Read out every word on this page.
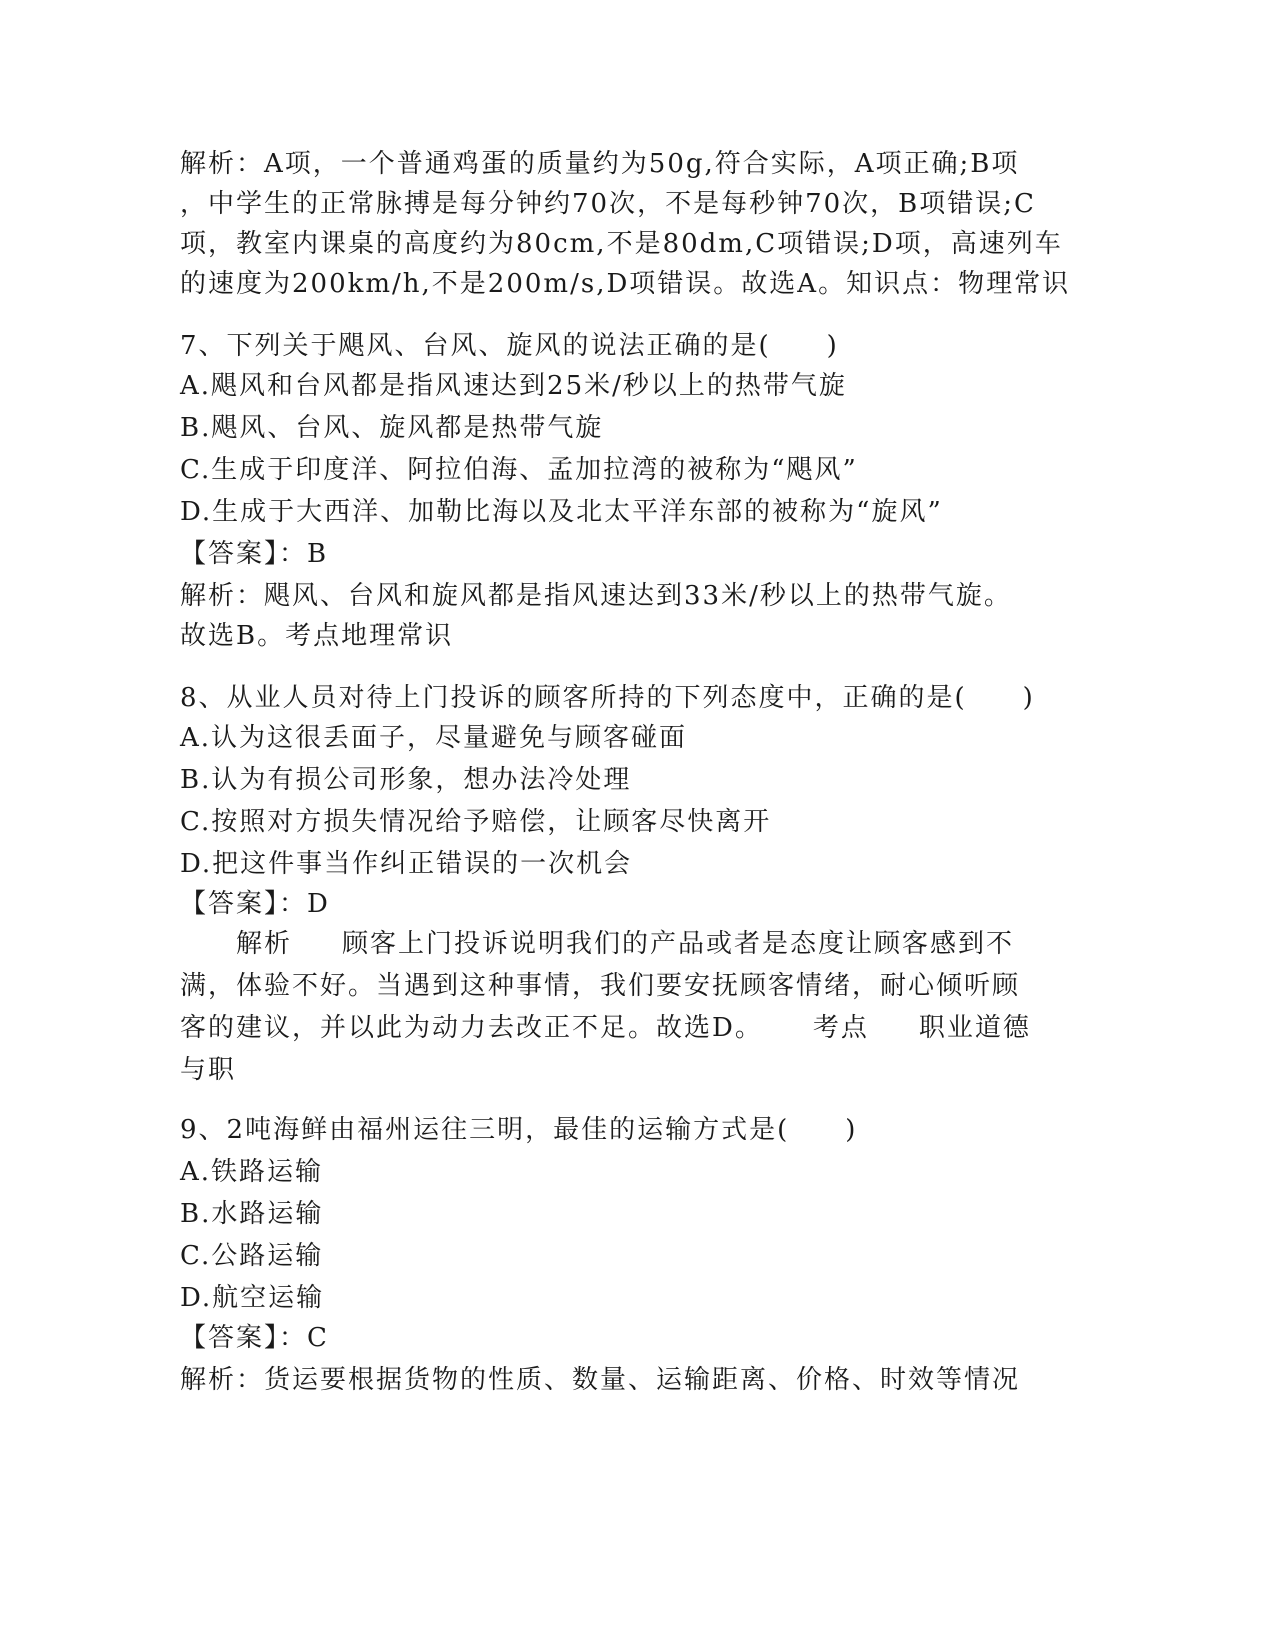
解析：A项，一个普通鸡蛋的质量约为50g,符合实际，A项正确;B项
，中学生的正常脉搏是每分钟约70次，不是每秒钟70次，B项错误;C
项，教室内课桌的高度约为80cm,不是80dm,C项错误;D项，高速列车
的速度为200km/h,不是200m/s,D项错误。故选A。知识点：物理常识
7、下列关于飓风、台风、旋风的说法正确的是(　　)
A.飓风和台风都是指风速达到25米/秒以上的热带气旋
B.飓风、台风、旋风都是热带气旋
C.生成于印度洋、阿拉伯海、孟加拉湾的被称为“飓风”
D.生成于大西洋、加勒比海以及北太平洋东部的被称为“旋风”
【答案】：B
解析：飓风、台风和旋风都是指风速达到33米/秒以上的热带气旋。
故选B。考点地理常识
8、从业人员对待上门投诉的顾客所持的下列态度中，正确的是(　　)
A.认为这很丢面子，尽量避免与顾客碰面
B.认为有损公司形象，想办法冷处理
C.按照对方损失情况给予赔偿，让顾客尽快离开
D.把这件事当作纠正错误的一次机会
【答案】：D
解析 顾客上门投诉说明我们的产品或者是态度让顾客感到不
满，体验不好。当遇到这种事情，我们要安抚顾客情绪，耐心倾听顾
客的建议，并以此为动力去改正不足。故选D。 考点 职业道德
与职
9、2吨海鲜由福州运往三明，最佳的运输方式是(　　)
A.铁路运输
B.水路运输
C.公路运输
D.航空运输
【答案】：C
解析：货运要根据货物的性质、数量、运输距离、价格、时效等情况
